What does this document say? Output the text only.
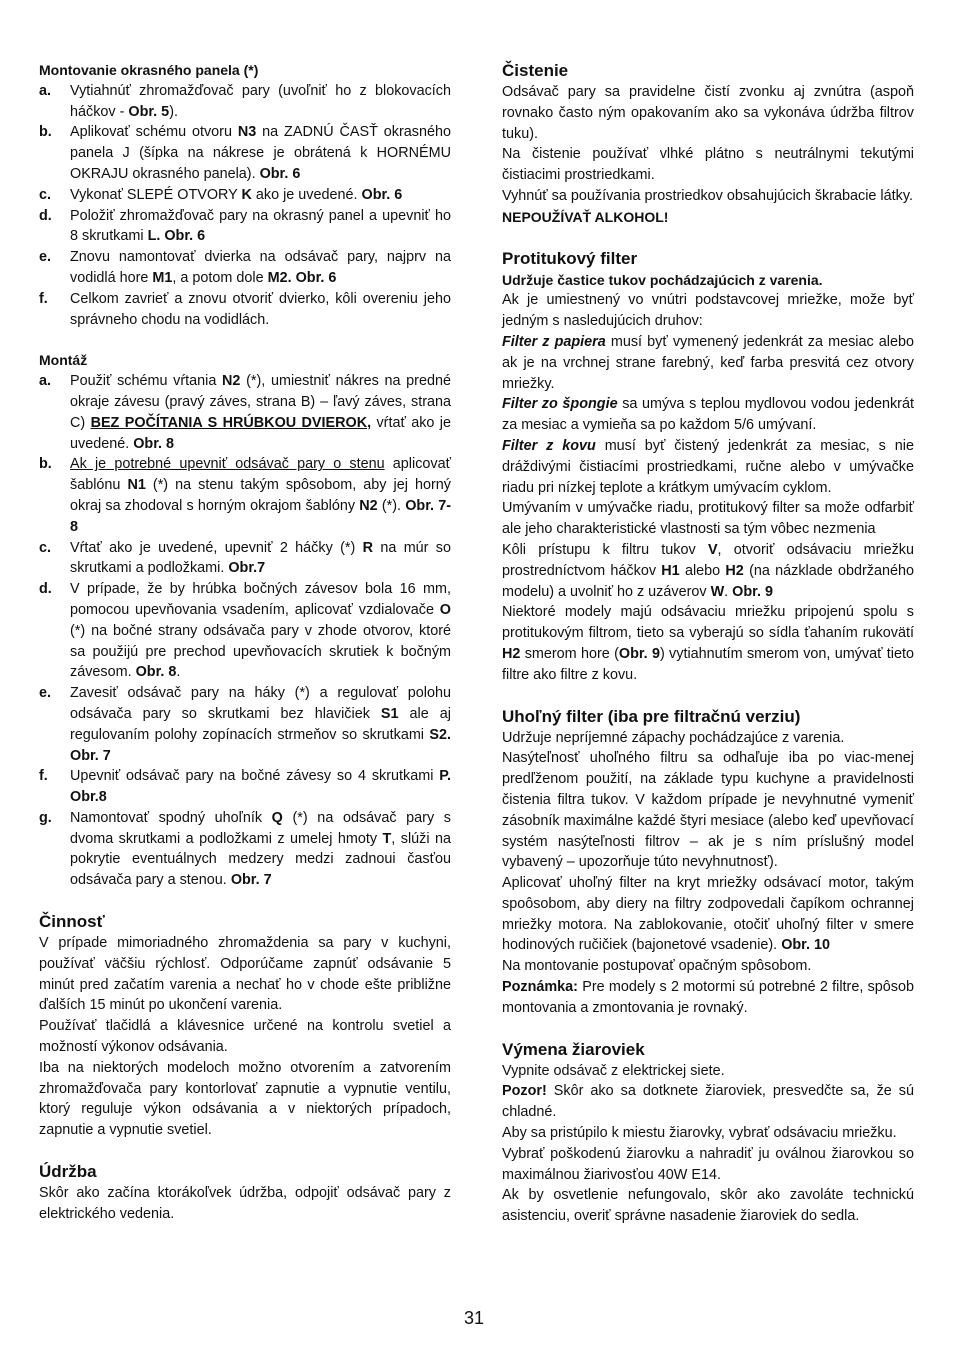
Montovanie okrasného panela (*)
a.	Vytiahnúť zhromažďovač pary (uvoľniť ho z blokovacích háčkov - Obr. 5).
b.	Aplikovať schému otvoru N3 na ZADNÚ ČASŤ okrasného panela J (šípka na nákrese je obrátená k HORNÉMU OKRAJU okrasného panela). Obr. 6
c.	Vykonať SLEPÉ OTVORY K ako je uvedené. Obr. 6
d.	Položiť zhromažďovač pary na okrasný panel a upevniť ho 8 skrutkami L. Obr. 6
e.	Znovu namontovať dvierka na odsávač pary, najprv na vodidlá hore M1, a potom dole M2. Obr. 6
f.	Celkom zavrieť a znovu otvoriť dvierko, kôli overeniu jeho správneho chodu na vodidlách.
Montáž
a.	Použiť schému vŕtania N2 (*), umiestniť nákres na predné okraje závesu (pravý záves, strana B) – ľavý záves, strana C) BEZ POČÍTANIA S HRÚBKOU DVIEROK, vŕtať ako je uvedené. Obr. 8
b.	Ak je potrebné upevniť odsávač pary o stenu aplicovať šablónu N1 (*) na stenu takým spôsobom, aby jej horný okraj sa zhodoval s horným okrajom šablóny N2 (*). Obr. 7-8
c.	Vŕtať ako je uvedené, upevniť 2 háčky (*) R na múr so skrutkami a podložkami. Obr.7
d.	V prípade, že by hrúbka bočných závesov bola 16 mm, pomocou upevňovania vsadením, aplicovať vzdialovače O (*) na bočné strany odsávača pary v zhode otvorov, ktoré sa použijú pre prechod upevňovacích skrutiek k bočným závesom. Obr. 8.
e.	Zavesiť odsávač pary na háky (*) a regulovať polohu odsávača pary so skrutkami bez hlavičiek S1 ale aj regulovaním polohy zopínacích strmeňov so skrutkami S2. Obr. 7
f.	Upevniť odsávač pary na bočné závesy so 4 skrutkami P. Obr.8
g.	Namontovať spodný uhoľník Q (*) na odsávač pary s dvoma skrutkami a podložkami z umelej hmoty T, slúži na pokrytie eventuálnych medzery medzi zadnoui časťou odsávača pary a stenou. Obr. 7
Činnosť

V prípade mimoriadného zhromaždenia sa pary v kuchyni, používať väčšiu rýchlosť. Odporúčame zapnúť odsávanie 5 minút pred začatím varenia a nechať ho v chode ešte približne ďalších 15 minút po ukončení varenia.

Používať tlačidlá a klávesnice určené na kontrolu svetiel a možností výkonov odsávania.

Iba na niektorých modeloch možno otvorením a zatvorením zhromažďovača pary kontorlovať zapnutie a vypnutie ventilu, ktorý reguluje výkon odsávania a v niektorých prípadoch, zapnutie a vypnutie svetiel.

Údržba

Skôr ako začína ktorákoľvek údržba, odpojiť odsávač pary z elektrického vedenia.

Čistenie

Odsávač pary sa pravidelne čistí zvonku aj zvnútra (aspoň rovnako často ným opakovaním ako sa vykonáva údržba filtrov tuku).

Na čistenie používať vlhké plátno s neutrálnymi tekutými čistiacimi prostriedkami.

Vyhnúť sa používania prostriedkov obsahujúcich škrabacie látky.

NEPOUŽÍVAŤ ALKOHOL!
Protitukový filter
Udržuje častice tukov pochádzajúcich z varenia.

Ak je umiestnený vo vnútri podstavcovej mriežke, može byť jedným s nasledujúcich druhov:

Filter z papiera musí byť vymenený jedenkrát za mesiac alebo ak je na vrchnej strane farebný, keď farba presvitá cez otvory mriežky.

Filter zo špongie sa umýva s teplou mydlovou vodou jedenkrát za mesiac a vymieňa sa po každom 5/6 umývaní.

Filter z kovu musí byť čistený jedenkrát za mesiac, s nie dráždivými čistiacími prostriedkami, ručne alebo v umývačke riadu pri nízkej teplote a krátkym umývacím cyklom.

Umývaním v umývačke riadu, protitukový filter sa može odfarbiť ale jeho charakteristické vlastnosti sa tým vôbec nezmenia

Kôli prístupu k filtru tukov V, otvoriť odsávaciu mriežku prostredníctvom háčkov H1 alebo H2 (na názklade obdržaného modelu) a uvolniť ho z uzáverov W. Obr. 9

Niektoré modely majú odsávaciu mriežku pripojenú spolu s protitukovým filtrom, tieto sa vyberajú so sídla ťahaním rukovätí H2 smerom hore (Obr. 9) vytiahnutím smerom von, umývať tieto filtre ako filtre z kovu.

Uhoľný filter (iba pre filtračnú verziu)

Udržuje nepríjemné zápachy pochádzajúce z varenia.

Nasýteľnosť uhoľného filtru sa odhaľuje iba po viac-menej predľženom použití, na základe typu kuchyne a pravidelnosti čistenia filtra tukov. V každom prípade je nevyhnutné vymeniť zásobník maximálne každé štyri mesiace (alebo keď upevňovací systém nasýteľnosti filtrov – ak je s ním príslušný model vybavený – upozorňuje túto nevyhnutnosť).

Aplicovať uhoľný filter na kryt mriežky odsávací motor, takým spoôsobom, aby diery na filtry zodpovedali čapíkom ochrannej mriežky motora. Na zablokovanie, otočiť uhoľný filter v smere hodinových ručičiek (bajonetové vsadenie). Obr. 10

Na montovanie postupovať opačným spôsobom.

Poznámka: Pre modely s 2 motormi sú potrebné 2 filtre, spôsob montovania a zmontovania je rovnaký.

Výmena žiaroviek

Vypnite odsávač z elektrickej siete.

Pozor! Skôr ako sa dotknete žiaroviek, presvedčte sa, že sú chladné.

Aby sa pristúpilo k miestu žiarovky, vybrať odsávaciu mriežku.

Vybrať poškodenú žiarovku a nahradiť ju oválnou žiarovkou so maximálnou žiarivosťou 40W E14.

Ak by osvetlenie nefungovalo, skôr ako zavoláte technickú asistenciu, overiť správne nasadenie žiaroviek do sedla.

31
